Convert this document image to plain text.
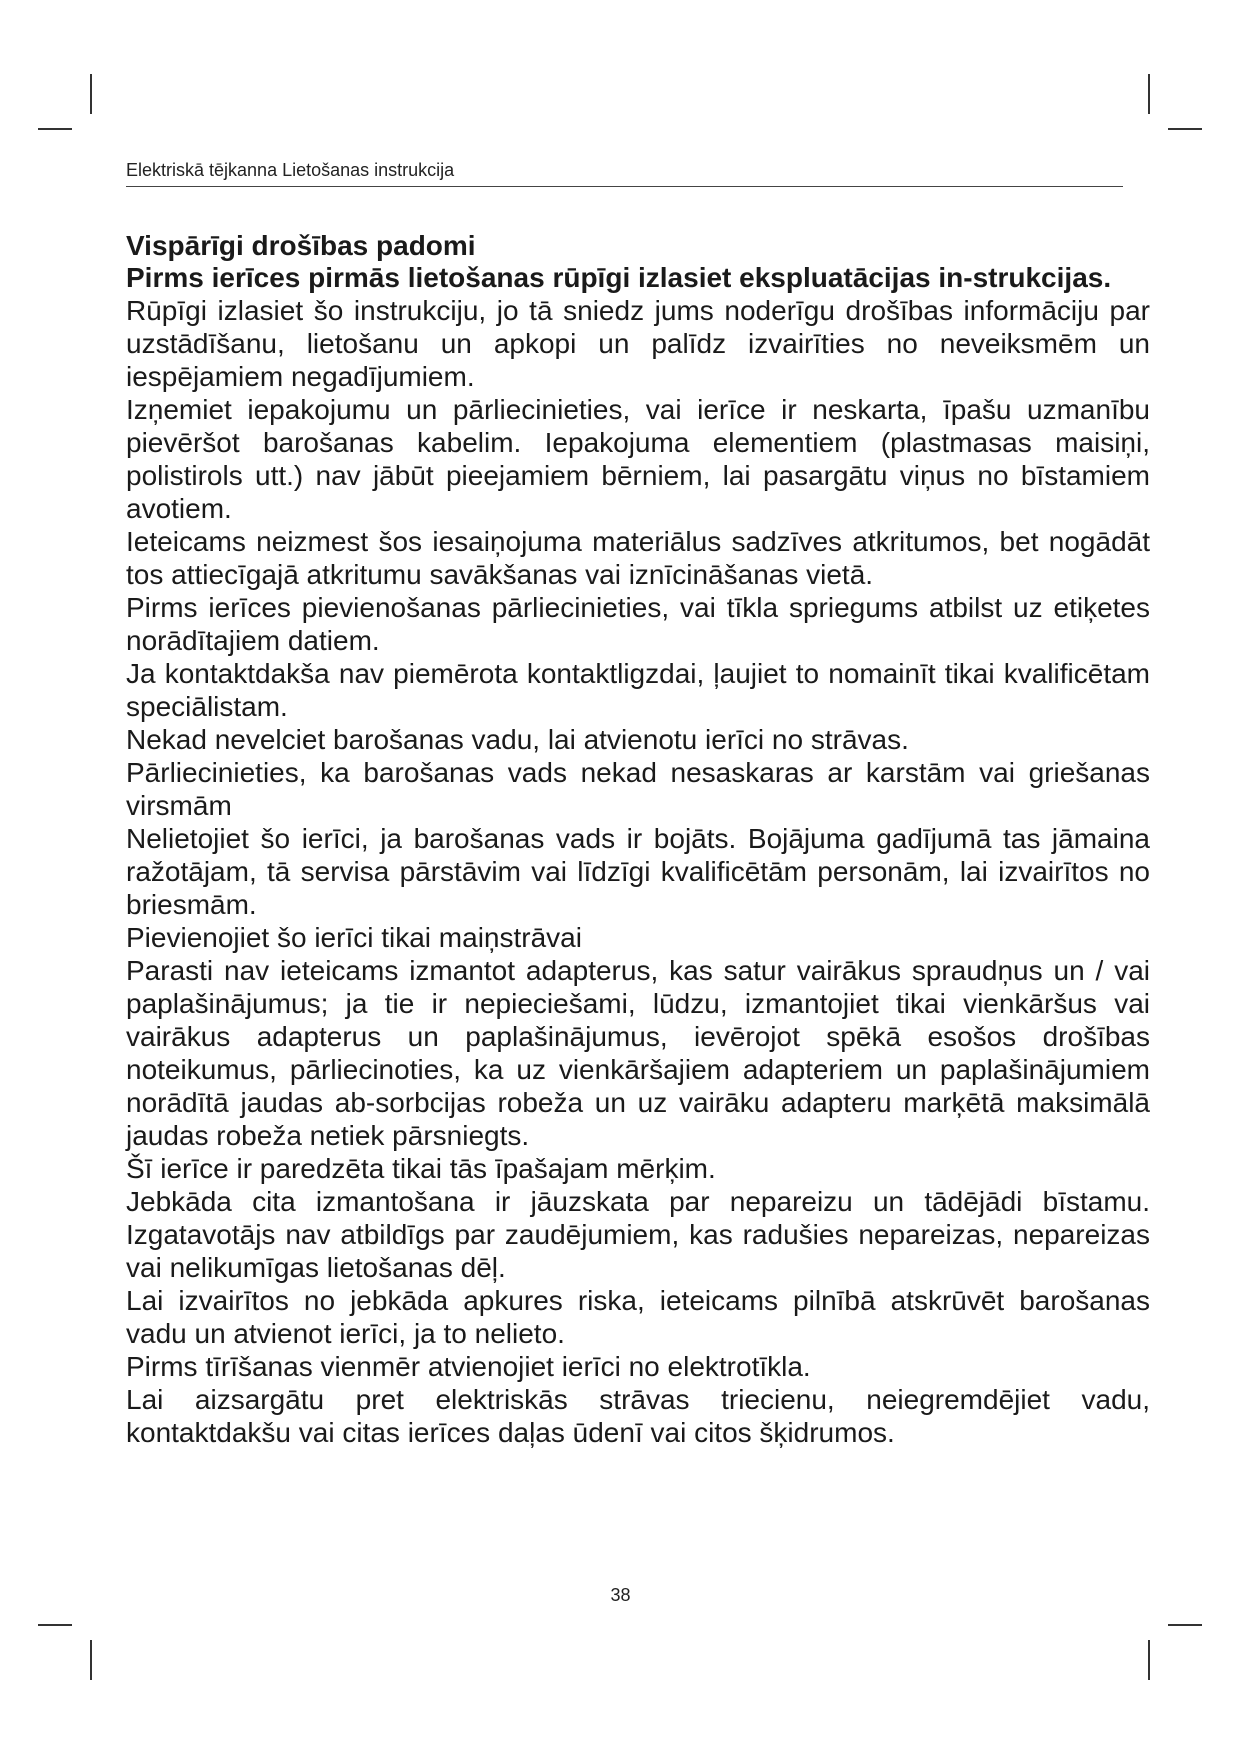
Elektriskā tējkanna Lietošanas instrukcija
Vispārīgi drošības padomi
Pirms ierīces pirmās lietošanas rūpīgi izlasiet ekspluatācijas in-strukcijas.

Rūpīgi izlasiet šo instrukciju, jo tā sniedz jums noderīgu drošības informāciju par uzstādīšanu, lietošanu un apkopi un palīdz izvairīties no neveiksmēm un iespējamiem negadījumiem.

Izņemiet iepakojumu un pārliecinieties, vai ierīce ir neskarta, īpašu uzmanību pievēršot barošanas kabelim. Iepakojuma elementiem (plastmasas maisiņi, polistirols utt.) nav jābūt pieejamiem bērniem, lai pasargātu viņus no bīstamiem avotiem.

Ieteicams neizmest šos iesaiņojuma materiālus sadzīves atkritumos, bet nogādāt tos attiecīgajā atkritumu savākšanas vai iznīcināšanas vietā.

Pirms ierīces pievienošanas pārliecinieties, vai tīkla spriegums atbilst uz etiķetes norādītajiem datiem.

Ja kontaktdakša nav piemērota kontaktligzdai, ļaujiet to nomainīt tikai kvalificētam speciālistam.

Nekad nevelciet barošanas vadu, lai atvienotu ierīci no strāvas.

Pārliecinieties, ka barošanas vads nekad nesaskaras ar karstām vai griešanas virsmām

Nelietojiet šo ierīci, ja barošanas vads ir bojāts. Bojājuma gadījumā tas jāmaina ražotājam, tā servisa pārstāvim vai līdzīgi kvalificētām personām, lai izvairītos no briesmām.

Pievienojiet šo ierīci tikai maiņstrāvai

Parasti nav ieteicams izmantot adapterus, kas satur vairākus spraudņus un / vai paplašinājumus; ja tie ir nepieciešami, lūdzu, izmantojiet tikai vienkāršus vai vairākus adapterus un paplašinājumus, ievērojot spēkā esošos drošības noteikumus, pārliecinoties, ka uz vienkāršajiem adapteriem un paplašinājumiem norādītā jaudas ab-sorbcijas robeža un uz vairāku adapteru marķētā maksimālā jaudas robeža netiek pārsniegts.

Šī ierīce ir paredzēta tikai tās īpašajam mērķim.

Jebkāda cita izmantošana ir jāuzskata par nepareizu un tādējādi bīstamu. Izgatavotājs nav atbildīgs par zaudējumiem, kas radušies nepareizas, nepareizas vai nelikumīgas lietošanas dēļ.

Lai izvairītos no jebkāda apkures riska, ieteicams pilnībā atskrūvēt barošanas vadu un atvienot ierīci, ja to nelieto.

Pirms tīrīšanas vienmēr atvienojiet ierīci no elektrotīkla.

Lai aizsargātu pret elektriskās strāvas triecienu, neiegremdējiet vadu, kontaktdakšu vai citas ierīces daļas ūdenī vai citos šķidrumos.

38
